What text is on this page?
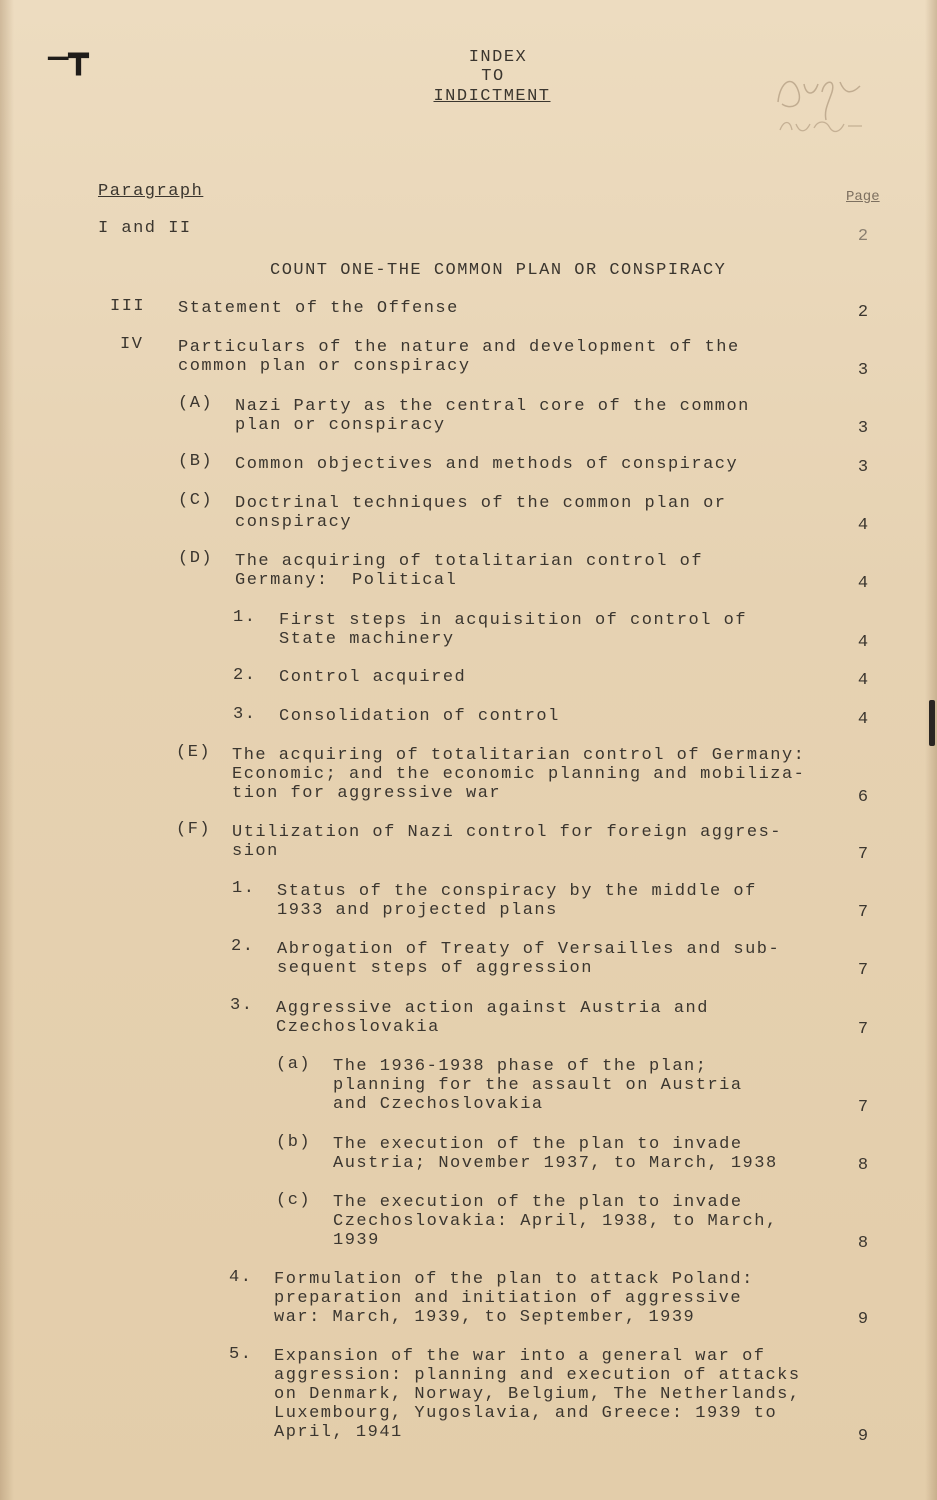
—┳	INDEX
TO
INDICTMENT
Paragraph	Page
I and II	2
COUNT ONE-THE COMMON PLAN OR CONSPIRACY
III Statement of the Offense	2
IV Particulars of the nature and development of the
common plan or conspiracy	3
(A) Nazi Party as the central core of the common
plan or conspiracy	3
(B) Common objectives and methods of conspiracy	3
(C) Doctrinal techniques of the common plan or
conspiracy	4
(D) The acquiring of totalitarian control of
Germany:  Political	4
1. First steps in acquisition of control of
State machinery	4
2. Control acquired	4
3. Consolidation of control	4
(E) The acquiring of totalitarian control of Germany:
Economic; and the economic planning and mobiliza-
tion for aggressive war	6
(F) Utilization of Nazi control for foreign aggres-
sion	7
1. Status of the conspiracy by the middle of
1933 and projected plans	7
2. Abrogation of Treaty of Versailles and sub-
sequent steps of aggression	7
3. Aggressive action against Austria and
Czechoslovakia	7
(a) The 1936-1938 phase of the plan;
planning for the assault on Austria
and Czechoslovakia	7
(b) The execution of the plan to invade
Austria; November 1937, to March, 1938	8
(c) The execution of the plan to invade
Czechoslovakia: April, 1938, to March,
1939	8
4. Formulation of the plan to attack Poland:
preparation and initiation of aggressive
war: March, 1939, to September, 1939	9
5. Expansion of the war into a general war of
aggression: planning and execution of attacks
on Denmark, Norway, Belgium, The Netherlands,
Luxembourg, Yugoslavia, and Greece: 1939 to
April, 1941	9
